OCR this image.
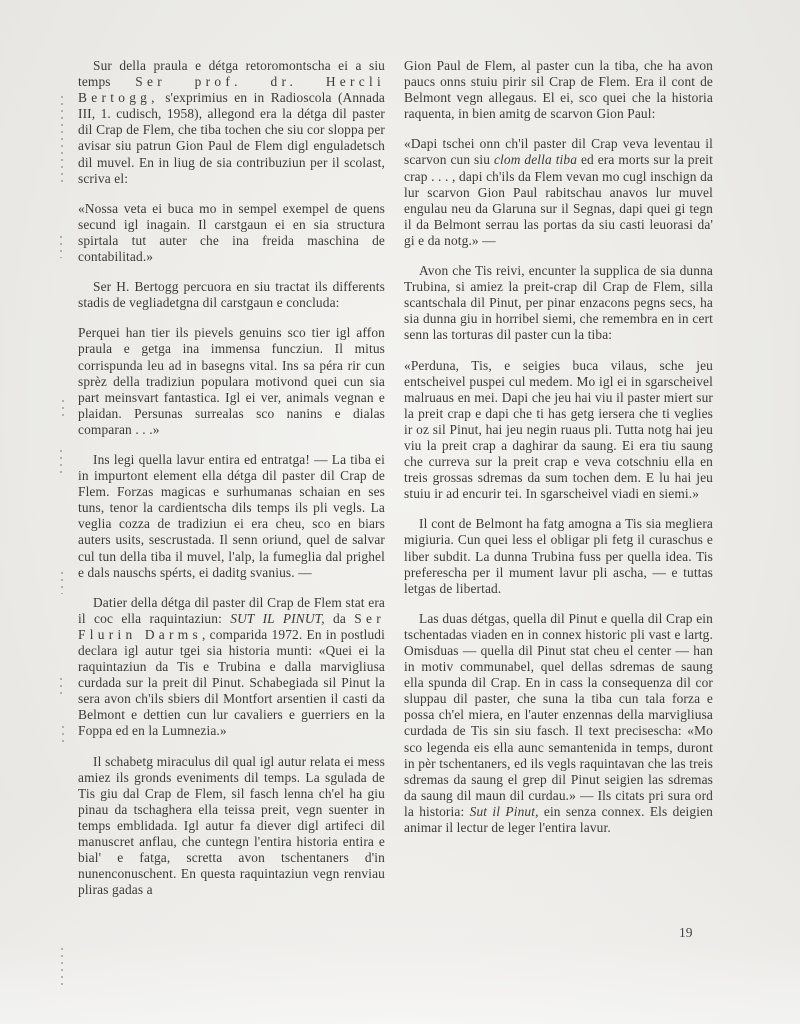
Sur della praula e détga retoromontscha ei a siu temps Ser prof. dr. Hercli Bertogg, s'exprimius en in Radioscola (Annada III, 1. cudisch, 1958), allegond era la détga dil paster dil Crap de Flem, che tiba tochen che siu cor sloppa per avisar siu patrun Gion Paul de Flem digl enguladetsch dil muvel. En in liug de sia contribuziun per il scolast, scriva el:

«Nossa veta ei buca mo in sempel exempel de quens secund igl inagain. Il carstgaun ei en sia structura spirtala tut auter che ina freida maschina de contabilitad.»

Ser H. Bertogg percuora en siu tractat ils differents stadis de vegliadetgna dil carstgaun e concluda:

Perquei han tier ils pievels genuins sco tier igl affon praula e getga ina immensa funcziun. Il mitus corrispunda leu ad in basegns vital. Ins sa péra rir cun sprèz della tradiziun populara motivond quei cun sia part meinsvart fantastica. Igl ei ver, animals vegnan e plaidan. Persunas surrealas sco nanins e dialas comparan . . .»

Ins legi quella lavur entira ed entratga! — La tiba ei in impurtont element ella détga dil paster dil Crap de Flem. Forzas magicas e surhumanas schaian en ses tuns, tenor la cardientscha dils temps ils pli vegls. La veglia cozza de tradiziun ei era cheu, sco en biars auters usits, sescrustada. Il senn oriund, quel de salvar cul tun della tiba il muvel, l'alp, la fumeglia dal prighel e dals nauschs spérts, ei daditg svanius. —

Datier della détga dil paster dil Crap de Flem stat era il coc ella raquintaziun: SUT IL PINUT, da Ser Flurin Darms, comparida 1972. En in postludi declara igl autur tgei sia historia munti: «Quei ei la raquintaziun da Tis e Trubina e dalla marvigliusa curdada sur la preit dil Pinut. Schabegiada sil Pinut la sera avon ch'ils sbiers dil Montfort arsentien il casti da Belmont e dettien cun lur cavaliers e guerriers en la Foppa ed en la Lumnezia.»

Il schabetg miraculus dil qual igl autur relata ei mess amiez ils gronds eveniments dil temps. La sgulada de Tis giu dal Crap de Flem, sil fasch lenna ch'el ha giu pinau da tschaghera ella teissa preit, vegn suenter in temps emblidada. Igl autur fa diever digl artifeci dil manuscret anflau, che cuntegn l'entira historia entira e bial' e fatga, scretta avon tschentaners d'in nunenconuschent. En questa raquintaziun vegn renviau pliras gadas a

Gion Paul de Flem, al paster cun la tiba, che ha avon paucs onns stuiu pirir sil Crap de Flem. Era il cont de Belmont vegn allegaus. El ei, sco quei che la historia raquenta, in bien amitg de scarvon Gion Paul:

«Dapi tschei onn ch'il paster dil Crap veva leventau il scarvon cun siu clom della tiba ed era morts sur la preit crap . . . , dapi ch'ils da Flem vevan mo cugl inschign da lur scarvon Gion Paul rabitschau anavos lur muvel engulau neu da Glaruna sur il Segnas, dapi quei gi tegn il da Belmont serrau las portas da siu casti leuorasi da' gi e da notg.» —

Avon che Tis reivi, encunter la supplica de sia dunna Trubina, si amiez la preit-crap dil Crap de Flem, silla scantschala dil Pinut, per pinar enzacons pegns secs, ha sia dunna giu in horribel siemi, che remembra en in cert senn las torturas dil paster cun la tiba:

«Perduna, Tis, e seigies buca vilaus, sche jeu entscheivel puspei cul medem. Mo igl ei in sgarscheivel malruaus en mei. Dapi che jeu hai viu il paster miert sur la preit crap e dapi che ti has getg iersera che ti veglies ir oz sil Pinut, hai jeu negin ruaus pli. Tutta notg hai jeu viu la preit crap a daghirar da saung. Ei era tiu saung che curreva sur la preit crap e veva cotschniu ella en treis grossas sdremas da sum tochen dem. E lu hai jeu stuiu ir ad encurir tei. In sgarscheivel viadi en siemi.»

Il cont de Belmont ha fatg amogna a Tis sia megliera migiuria. Cun quei less el obligar pli fetg il curaschus e liber subdit. La dunna Trubina fuss per quella idea. Tis preferescha per il mument lavur pli ascha, — e tuttas letgas de libertad.

Las duas détgas, quella dil Pinut e quella dil Crap ein tschentadas viaden en in connex historic pli vast e lartg. Omisduas — quella dil Pinut stat cheu el center — han in motiv communabel, quel dellas sdremas de saung ella spunda dil Crap. En in cass la consequenza dil cor sluppau dil paster, che suna la tiba cun tala forza e possa ch'el miera, en l'auter enzennas della marvigliusa curdada de Tis sin siu fasch. Il text precisescha: «Mo sco legenda eis ella aunc semantenida in temps, duront in pèr tschentaners, ed ils vegls raquintavan che las treis sdremas da saung el grep dil Pinut seigien las sdremas da saung dil maun dil curdau.» — Ils citats pri sura ord la historia: Sut il Pinut, ein senza connex. Els deigien animar il lectur de leger l'entira lavur.

19
